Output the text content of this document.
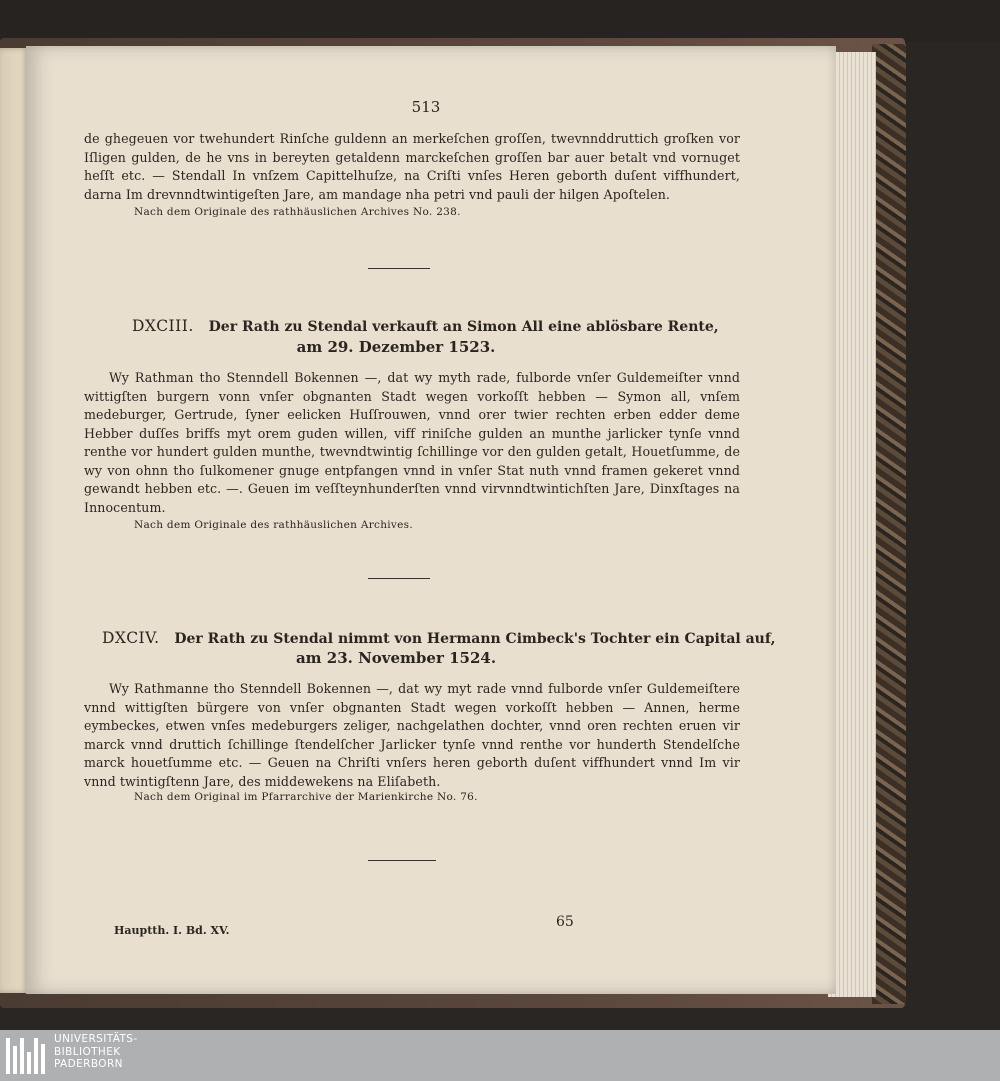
513
de ghegeuen vor twehundert Rinſche guldenn an merkeſchen groſſen, twevnnddruttich groſken vor Iſligen gulden, de he vns in bereyten getaldenn marckeſchen groſſen bar auer betalt vnd vornuget heſſt etc. — Stendall In vnſzem Capittelhuſze, na Criſti vnſes Heren geborth duſent viffhundert, darna Im drevnndtwintigeſten Jare, am mandage nha petri vnd pauli der hilgen Apoſtelen.
Nach dem Originale des rathhäuslichen Archives No. 238.
DXCIII. Der Rath zu Stendal verkauft an Simon All eine ablösbare Rente,
am 29. Dezember 1523.
Wy Rathman tho Stenndell Bokennen —, dat wy myth rade, fulborde vnſer Guldemeiſter vnnd wittigſten burgern vonn vnſer obgnanten Stadt wegen vorkoſſt hebben — Symon all, vnſem medeburger, Gertrude, ſyner eelicken Huſſrouwen, vnnd orer twier rechten erben edder deme Hebber duſſes briffs myt orem guden willen, viff riniſche gulden an munthe jarlicker tynſe vnnd renthe vor hundert gulden munthe, twevndtwintig ſchillinge vor den gulden getalt, Houetſumme, de wy von ohnn tho ſulkomener gnuge entpfangen vnnd in vnſer Stat nuth vnnd framen gekeret vnnd gewandt hebben etc. —. Geuen im veſſteynhunderſten vnnd virvnndtwintichſten Jare, Dinxſtages na Innocentum.
Nach dem Originale des rathhäuslichen Archives.
DXCIV. Der Rath zu Stendal nimmt von Hermann Cimbeck's Tochter ein Capital auf,
am 23. November 1524.
Wy Rathmanne tho Stenndell Bokennen —, dat wy myt rade vnnd fulborde vnſer Guldemeiſtere vnnd wittigſten bürgere von vnſer obgnanten Stadt wegen vorkoſſt hebben — Annen, herme eymbeckes, etwen vnſes medeburgers zeliger, nachgelathen dochter, vnnd oren rechten eruen vir marck vnnd druttich ſchillinge ſtendelſcher Jarlicker tynſe vnnd renthe vor hunderth Stendelſche marck houetſumme etc. — Geuen na Chriſti vnſers heren geborth duſent viffhundert vnnd Im vir vnnd twintigſtenn Jare, des middewekens na Eliſabeth.
Nach dem Original im Pfarrarchive der Marienkirche No. 76.
Hauptth. I. Bd. XV.
65
UNIVERSITÄTS-
BIBLIOTHEK
PADERBORN
